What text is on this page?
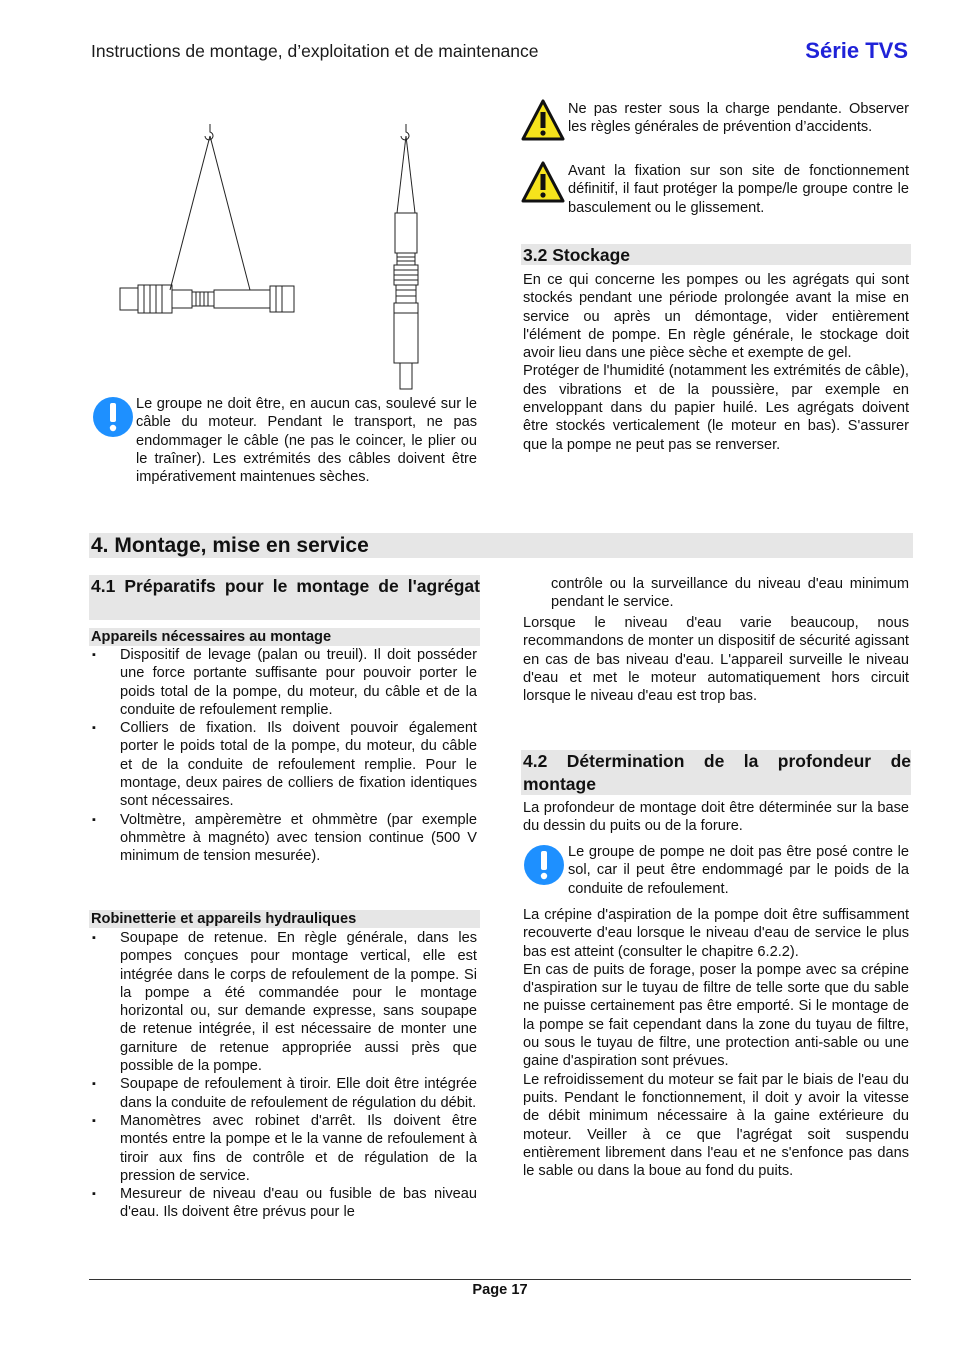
Instructions de montage, d’exploitation et de maintenance	Série TVS
Le groupe ne doit être, en aucun cas, soulevé sur le câble du moteur. Pendant le transport, ne pas endommager le câble (ne pas le coincer, le plier ou le traîner). Les extrémités des câbles doivent être impérativement maintenues sèches.
Ne pas rester sous la charge pendante. Observer les règles générales de prévention d’accidents.
Avant la fixation sur son site de fonctionnement définitif, il faut protéger la pompe/le groupe contre le basculement ou le glissement.
3.2 Stockage

En ce qui concerne les pompes ou les agrégats qui sont stockés pendant une période prolongée avant la mise en service ou après un démontage, vider entièrement l'élément de pompe. En règle générale, le stockage doit avoir lieu dans une pièce sèche et exempte de gel.

Protéger de l'humidité (notamment les extrémités de câble), des vibrations et de la poussière, par exemple en enveloppant dans du papier huilé. Les agrégats doivent être stockés verticalement (le moteur en bas). S'assurer que la pompe ne peut pas se renverser.

4. Montage, mise en service
4.1 Préparatifs pour le montage de l'agrégat
Appareils nécessaires au montage
▪ Dispositif de levage (palan ou treuil). Il doit posséder une force portante suffisante pour pouvoir porter le poids total de la pompe, du moteur, du câble et de la conduite de refoulement remplie.
▪ Colliers de fixation. Ils doivent pouvoir également porter le poids total de la pompe, du moteur, du câble et de la conduite de refoulement remplie. Pour le montage, deux paires de colliers de fixation identiques sont nécessaires.
▪ Voltmètre, ampèremètre et ohmmètre (par exemple ohmmètre à magnéto) avec tension continue (500 V minimum de tension mesurée).
Robinetterie et appareils hydrauliques
▪ Soupape de retenue. En règle générale, dans les pompes conçues pour montage vertical, elle est intégrée dans le corps de refoulement de la pompe. Si la pompe a été commandée pour le montage horizontal ou, sur demande expresse, sans soupape de retenue intégrée, il est nécessaire de monter une garniture de retenue appropriée aussi près que possible de la pompe.
▪ Soupape de refoulement à tiroir. Elle doit être intégrée dans la conduite de refoulement de régulation du débit.
▪ Manomètres avec robinet d'arrêt. Ils doivent être montés entre la pompe et le la vanne de refoulement à tiroir aux fins de contrôle et de régulation de la pression de service.
▪ Mesureur de niveau d'eau ou fusible de bas niveau d'eau. Ils doivent être prévus pour le
contrôle ou la surveillance du niveau d'eau minimum pendant le service.
Lorsque le niveau d'eau varie beaucoup, nous recommandons de monter un dispositif de sécurité agissant en cas de bas niveau d'eau. L'appareil surveille le niveau d'eau et met le moteur automatiquement hors circuit lorsque le niveau d'eau est trop bas.
4.2 Détermination de la profondeur de montage
La profondeur de montage doit être déterminée sur la base du dessin du puits ou de la forure.
Le groupe de pompe ne doit pas être posé contre le sol, car il peut être endommagé par le poids de la conduite de refoulement.

La crépine d'aspiration de la pompe doit être suffisamment recouverte d'eau lorsque le niveau d'eau de service le plus bas est atteint (consulter le chapitre 6.2.2).

En cas de puits de forage, poser la pompe avec sa crépine d'aspiration sur le tuyau de filtre de telle sorte que du sable ne puisse certainement pas être emporté. Si le montage de la pompe se fait cependant dans la zone du tuyau de filtre, ou sous le tuyau de filtre, une protection anti-sable ou une gaine d'aspiration sont prévues.

Le refroidissement du moteur se fait par le biais de l'eau du puits. Pendant le fonctionnement, il doit y avoir la vitesse de débit minimum nécessaire à la gaine extérieure du moteur. Veiller à ce que l'agrégat soit suspendu entièrement librement dans l'eau et ne s'enfonce pas dans le sable ou dans la boue au fond du puits.

Page 17
